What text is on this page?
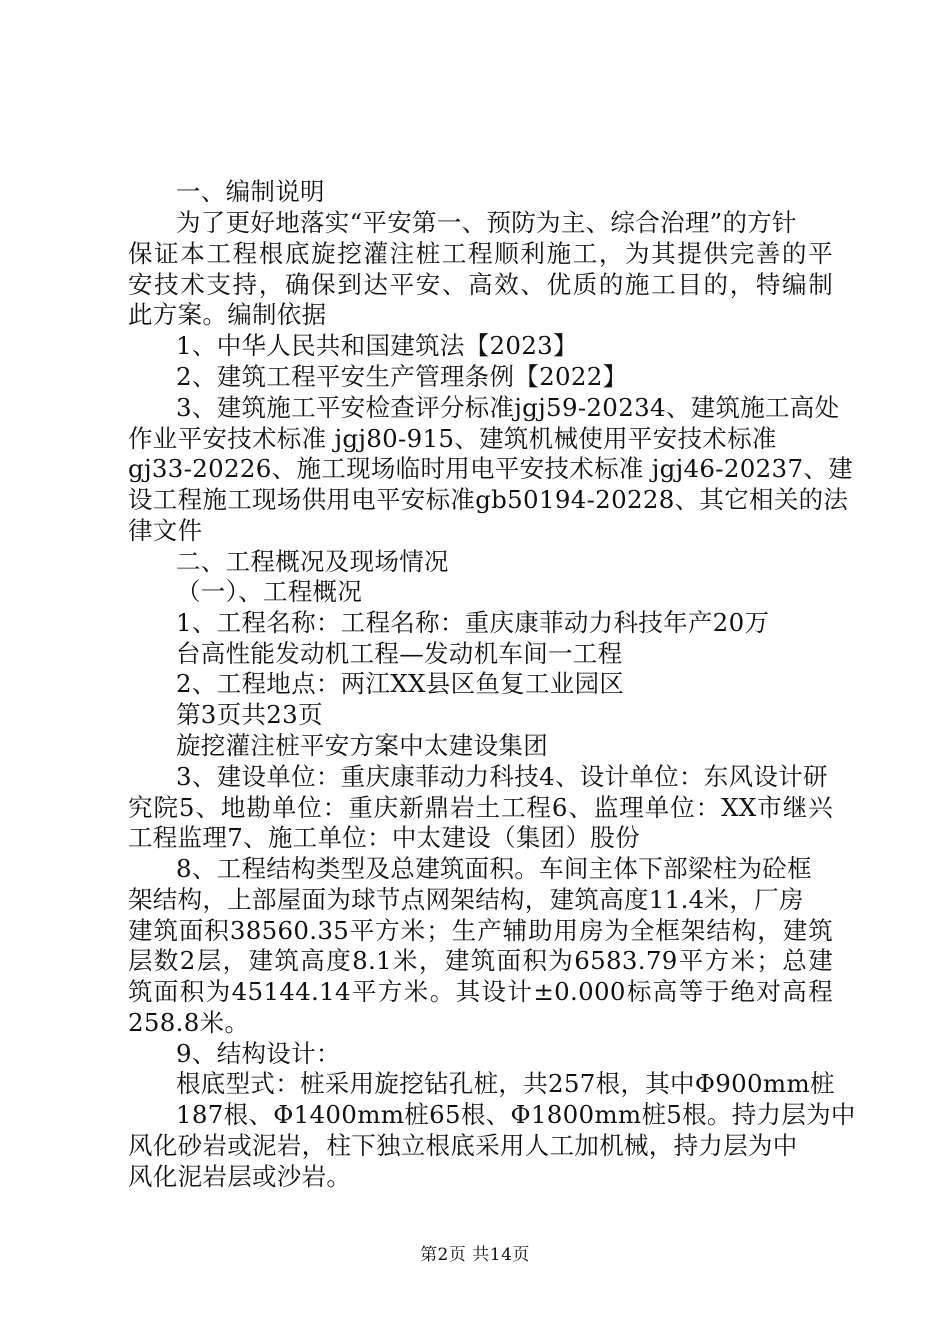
一、编制说明
为了更好地落实“平安第一、预防为主、综合治理”的方针
保证本工程根底旋挖灌注桩工程顺利施工，为其提供完善的平
安技术支持，确保到达平安、高效、优质的施工目的，特编制
此方案。编制依据
1、中华人民共和国建筑法【2023】
2、建筑工程平安生产管理条例【2022】
3、建筑施工平安检查评分标准jgj59-20234、建筑施工高处
作业平安技术标准 jgj80-915、建筑机械使用平安技术标准
gj33-20226、施工现场临时用电平安技术标准 jgj46-20237、建
设工程施工现场供用电平安标准gb50194-20228、其它相关的法
律文件
二、工程概况及现场情况
（一）、工程概况
1、工程名称：工程名称：重庆康菲动力科技年产20万
台高性能发动机工程—发动机车间一工程
2、工程地点：两江XX县区鱼复工业园区
第3页共23页
旋挖灌注桩平安方案中太建设集团
3、建设单位：重庆康菲动力科技4、设计单位：东风设计研
究院5、地勘单位：重庆新鼎岩土工程6、监理单位：XX市继兴
工程监理7、施工单位：中太建设（集团）股份
8、工程结构类型及总建筑面积。车间主体下部梁柱为砼框
架结构，上部屋面为球节点网架结构，建筑高度11.4米，厂房
建筑面积38560.35平方米；生产辅助用房为全框架结构，建筑
层数2层，建筑高度8.1米，建筑面积为6583.79平方米；总建
筑面积为45144.14平方米。其设计±0.000标高等于绝对高程
258.8米。
9、结构设计：
根底型式：桩采用旋挖钻孔桩，共257根，其中Φ900mm桩
187根、Φ1400mm桩65根、Φ1800mm桩5根。持力层为中
风化砂岩或泥岩，柱下独立根底采用人工加机械，持力层为中
风化泥岩层或沙岩。
第2页 共14页
